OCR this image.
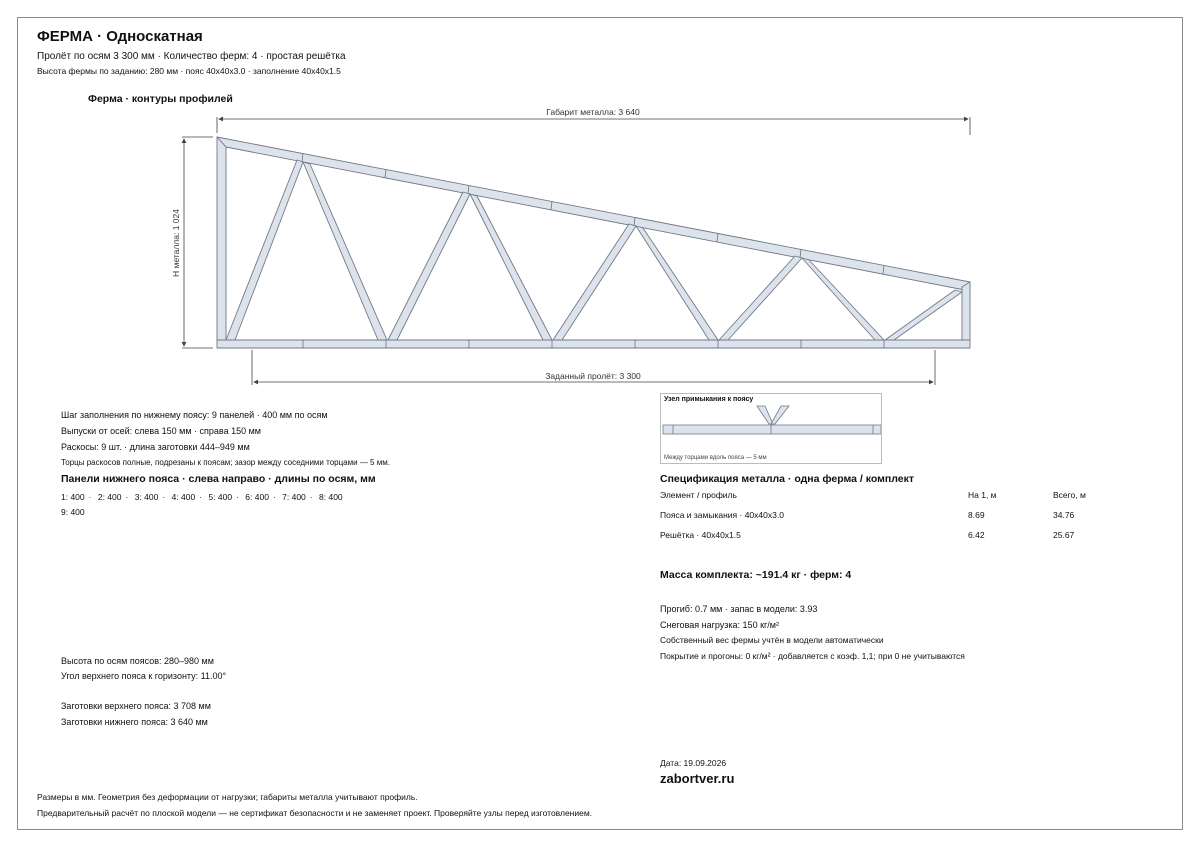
ФЕРМА · Односкатная
Пролёт по осям 3 300 мм · Количество ферм: 4 · простая решётка
Высота фермы по заданию: 280 мм · пояс 40x40x3.0 · заполнение 40x40x1.5
Ферма · контуры профилей
Габарит металла: 3 640
H металла: 1 024
Заданный пролёт: 3 300
Шаг заполнения по нижнему поясу: 9 панелей · 400 мм по осям
Выпуски от осей: слева 150 мм · справа 150 мм
Раскосы: 9 шт. · длина заготовки 444–949 мм
Торцы раскосов полные, подрезаны к поясам; зазор между соседними торцами — 5 мм.
Панели нижнего пояса · слева направо · длины по осям, мм
1: 400 · 2: 400 · 3: 400 · 4: 400 · 5: 400 · 6: 400 · 7: 400 · 8: 400
9: 400
Высота по осям поясов: 280–980 мм
Угол верхнего пояса к горизонту: 11.00°
Заготовки верхнего пояса: 3 708 мм
Заготовки нижнего пояса: 3 640 мм
Узел примыкания к поясу
Между торцами вдоль пояса — 5 мм
Спецификация металла · одна ферма / комплект
Элемент / профиль	На 1, м	Всего, м
Пояса и замыкания · 40x40x3.0	8.69	34.76
Решётка · 40x40x1.5	6.42	25.67
Масса комплекта: ~191.4 кг · ферм: 4
Прогиб: 0.7 мм · запас в модели: 3.93
Снеговая нагрузка: 150 кг/м²
Собственный вес фермы учтён в модели автоматически
Покрытие и прогоны: 0 кг/м² · добавляется с коэф. 1,1; при 0 не учитываются
Дата: 19.09.2026
zabortver.ru
Размеры в мм. Геометрия без деформации от нагрузки; габариты металла учитывают профиль.
Предварительный расчёт по плоской модели — не сертификат безопасности и не заменяет проект. Проверяйте узлы перед изготовлением.
